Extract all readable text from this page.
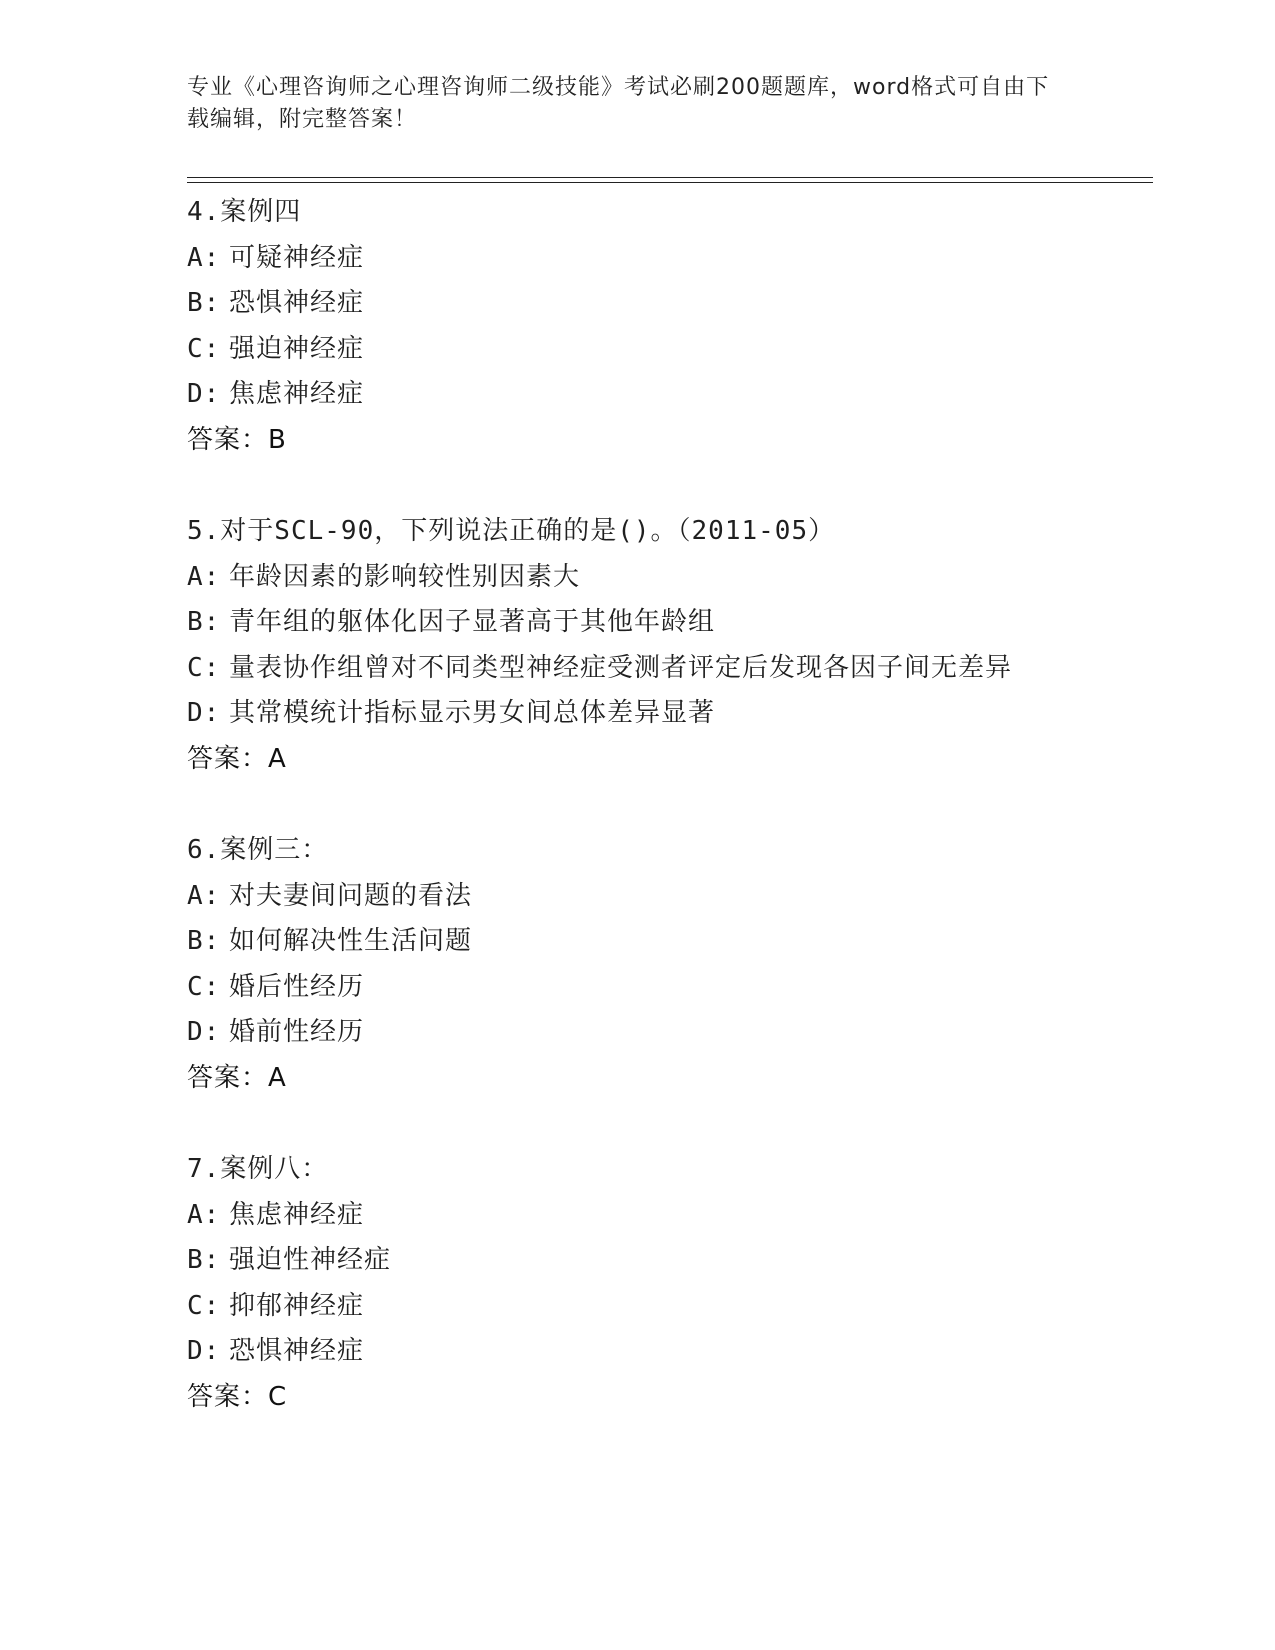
专业《心理咨询师之心理咨询师二级技能》考试必刷200题题库，word格式可自由下载编辑，附完整答案！
4.案例四
A: 可疑神经症
B: 恐惧神经症
C: 强迫神经症
D: 焦虑神经症
答案：B
5.对于SCL-90，下列说法正确的是()。（2011-05）
A: 年龄因素的影响较性别因素大
B: 青年组的躯体化因子显著高于其他年龄组
C: 量表协作组曾对不同类型神经症受测者评定后发现各因子间无差异
D: 其常模统计指标显示男女间总体差异显著
答案：A
6.案例三：
A: 对夫妻间问题的看法
B: 如何解决性生活问题
C: 婚后性经历
D: 婚前性经历
答案：A
7.案例八：
A: 焦虑神经症
B: 强迫性神经症
C: 抑郁神经症
D: 恐惧神经症
答案：C
